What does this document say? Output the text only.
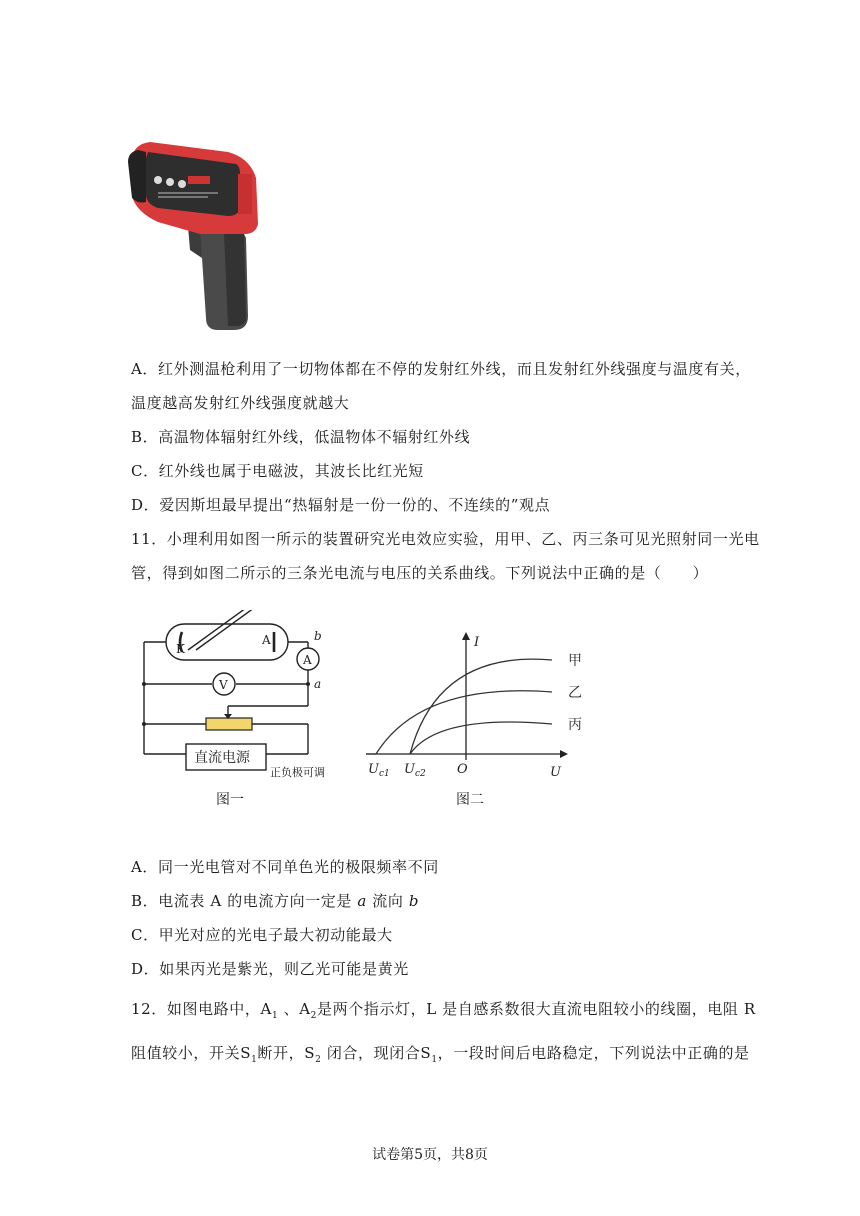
A．红外测温枪利用了一切物体都在不停的发射红外线，而且发射红外线强度与温度有关，
温度越高发射红外线强度就越大
B．高温物体辐射红外线，低温物体不辐射红外线
C．红外线也属于电磁波，其波长比红光短
D．爱因斯坦最早提出“热辐射是一份一份的、不连续的”观点
11．小理利用如图一所示的装置研究光电效应实验，用甲、乙、丙三条可见光照射同一光电
管，得到如图二所示的三条光电流与电压的关系曲线。下列说法中正确的是（　　）
K
A	b
a
A
V
直流电源
正负极可调
图一
I
U
O
$U_{c1}$ $U_{c2}$
甲
乙
丙
图二
A．同一光电管对不同单色光的极限频率不同
B．电流表 A 的电流方向一定是 a 流向 b
C．甲光对应的光电子最大初动能最大
D．如果丙光是紫光，则乙光可能是黄光
12．如图电路中，$A_1$ 、$A_2$是两个指示灯，L 是自感系数很大直流电阻较小的线圈，电阻 R
阻值较小，开关$S_1$断开，$S_2$ 闭合，现闭合$S_1$，一段时间后电路稳定，下列说法中正确的是
试卷第5页，共8页
